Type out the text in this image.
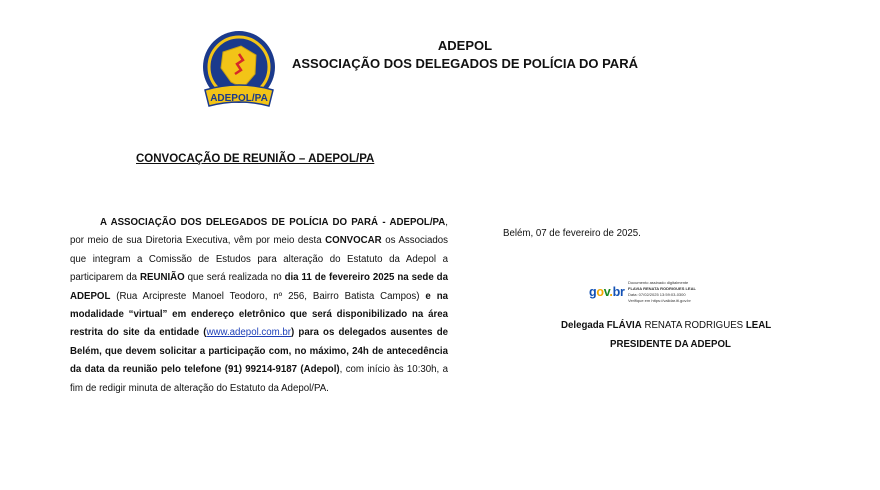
ADEPOL/PA
ADEPOL
ASSOCIAÇÃO DOS DELEGADOS DE POLÍCIA DO PARÁ
CONVOCAÇÃO DE REUNIÃO – ADEPOL/PA

A ASSOCIAÇÃO DOS DELEGADOS DE POLÍCIA DO PARÁ - ADEPOL/PA, por meio de sua Diretoria Executiva, vêm por meio desta CONVOCAR os Associados que integram a Comissão de Estudos para alteração do Estatuto da Adepol a participarem da REUNIÃO que será realizada no dia 11 de fevereiro 2025 na sede da ADEPOL (Rua Arcipreste Manoel Teodoro, nº 256, Bairro Batista Campos) e na modalidade “virtual” em endereço eletrônico que será disponibilizado na área restrita do site da entidade (www.adepol.com.br) para os delegados ausentes de Belém, que devem solicitar a participação com, no máximo, 24h de antecedência da data da reunião pelo telefone (91) 99214-9187 (Adepol), com início às 10:30h, a fim de redigir minuta de alteração do Estatuto da Adepol/PA.

Belém, 07 de fevereiro de 2025.
gov.br
Documento assinado digitalmente
FLAVIA RENATA RODRIGUES LEAL
Data: 07/02/2025 13:59:03-0300
Verifique em https://validar.iti.gov.br
Delegada FLÁVIA RENATA RODRIGUES LEAL
PRESIDENTE DA ADEPOL
